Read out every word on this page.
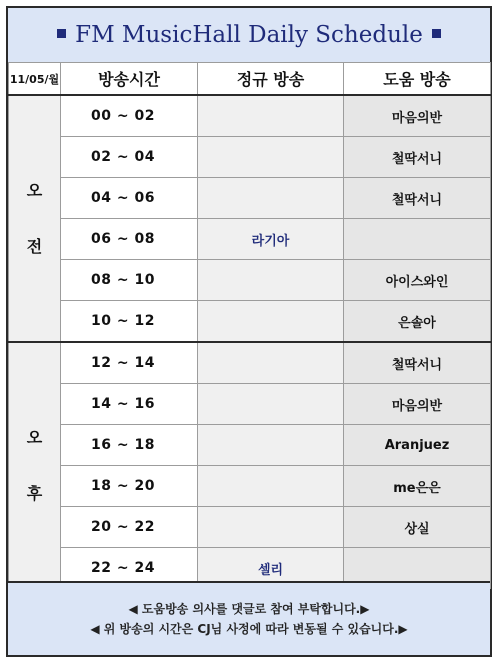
FM MusicHall Daily Schedule
11/05/월	방송시간	정규 방송	도움 방송

오
전	00 ~ 02		마음의반
	02 ~ 04		철딱서니
	04 ~ 06		철딱서니
	06 ~ 08	라기아	
	08 ~ 10		아이스와인
	10 ~ 12		은솔아

오
후	12 ~ 14		철딱서니
	14 ~ 16		마음의반
	16 ~ 18		Aranjuez
	18 ~ 20		me은은
	20 ~ 22		상실
	22 ~ 24	셀리	
◀ 도움방송 의사를 댓글로 참여 부탁합니다.▶
◀ 위 방송의 시간은 CJ님 사정에 따라 변동될 수 있습니다.▶
